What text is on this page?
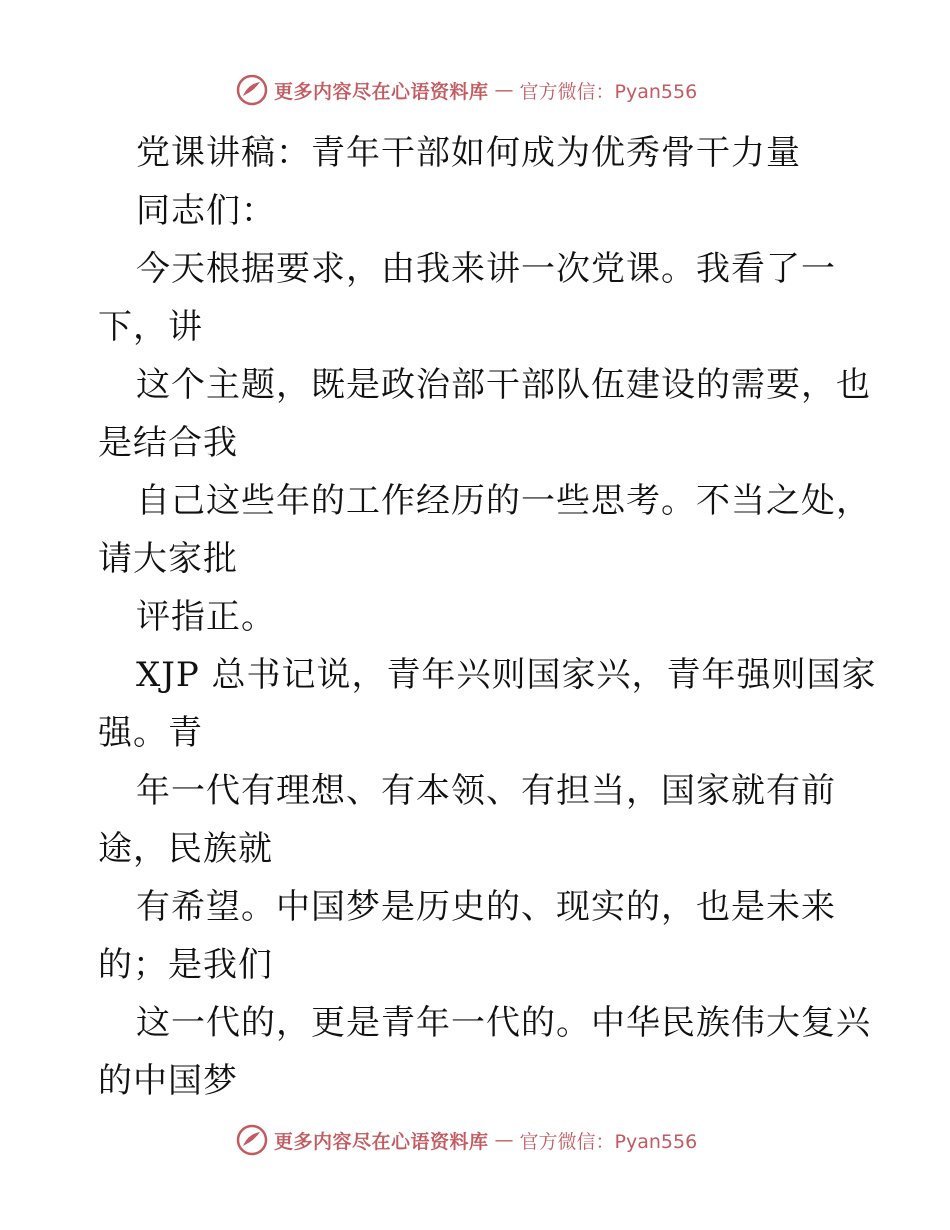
更多内容尽在心语资料库 — 官方微信：Pyan556
党课讲稿：青年干部如何成为优秀骨干力量
同志们：
今天根据要求，由我来讲一次党课。我看了一
下，讲
这个主题，既是政治部干部队伍建设的需要，也
是结合我
自己这些年的工作经历的一些思考。不当之处，
请大家批
评指正。
XJP 总书记说，青年兴则国家兴，青年强则国家
强。青
年一代有理想、有本领、有担当，国家就有前
途，民族就
有希望。中国梦是历史的、现实的，也是未来
的；是我们
这一代的，更是青年一代的。中华民族伟大复兴
的中国梦
更多内容尽在心语资料库 — 官方微信：Pyan556
